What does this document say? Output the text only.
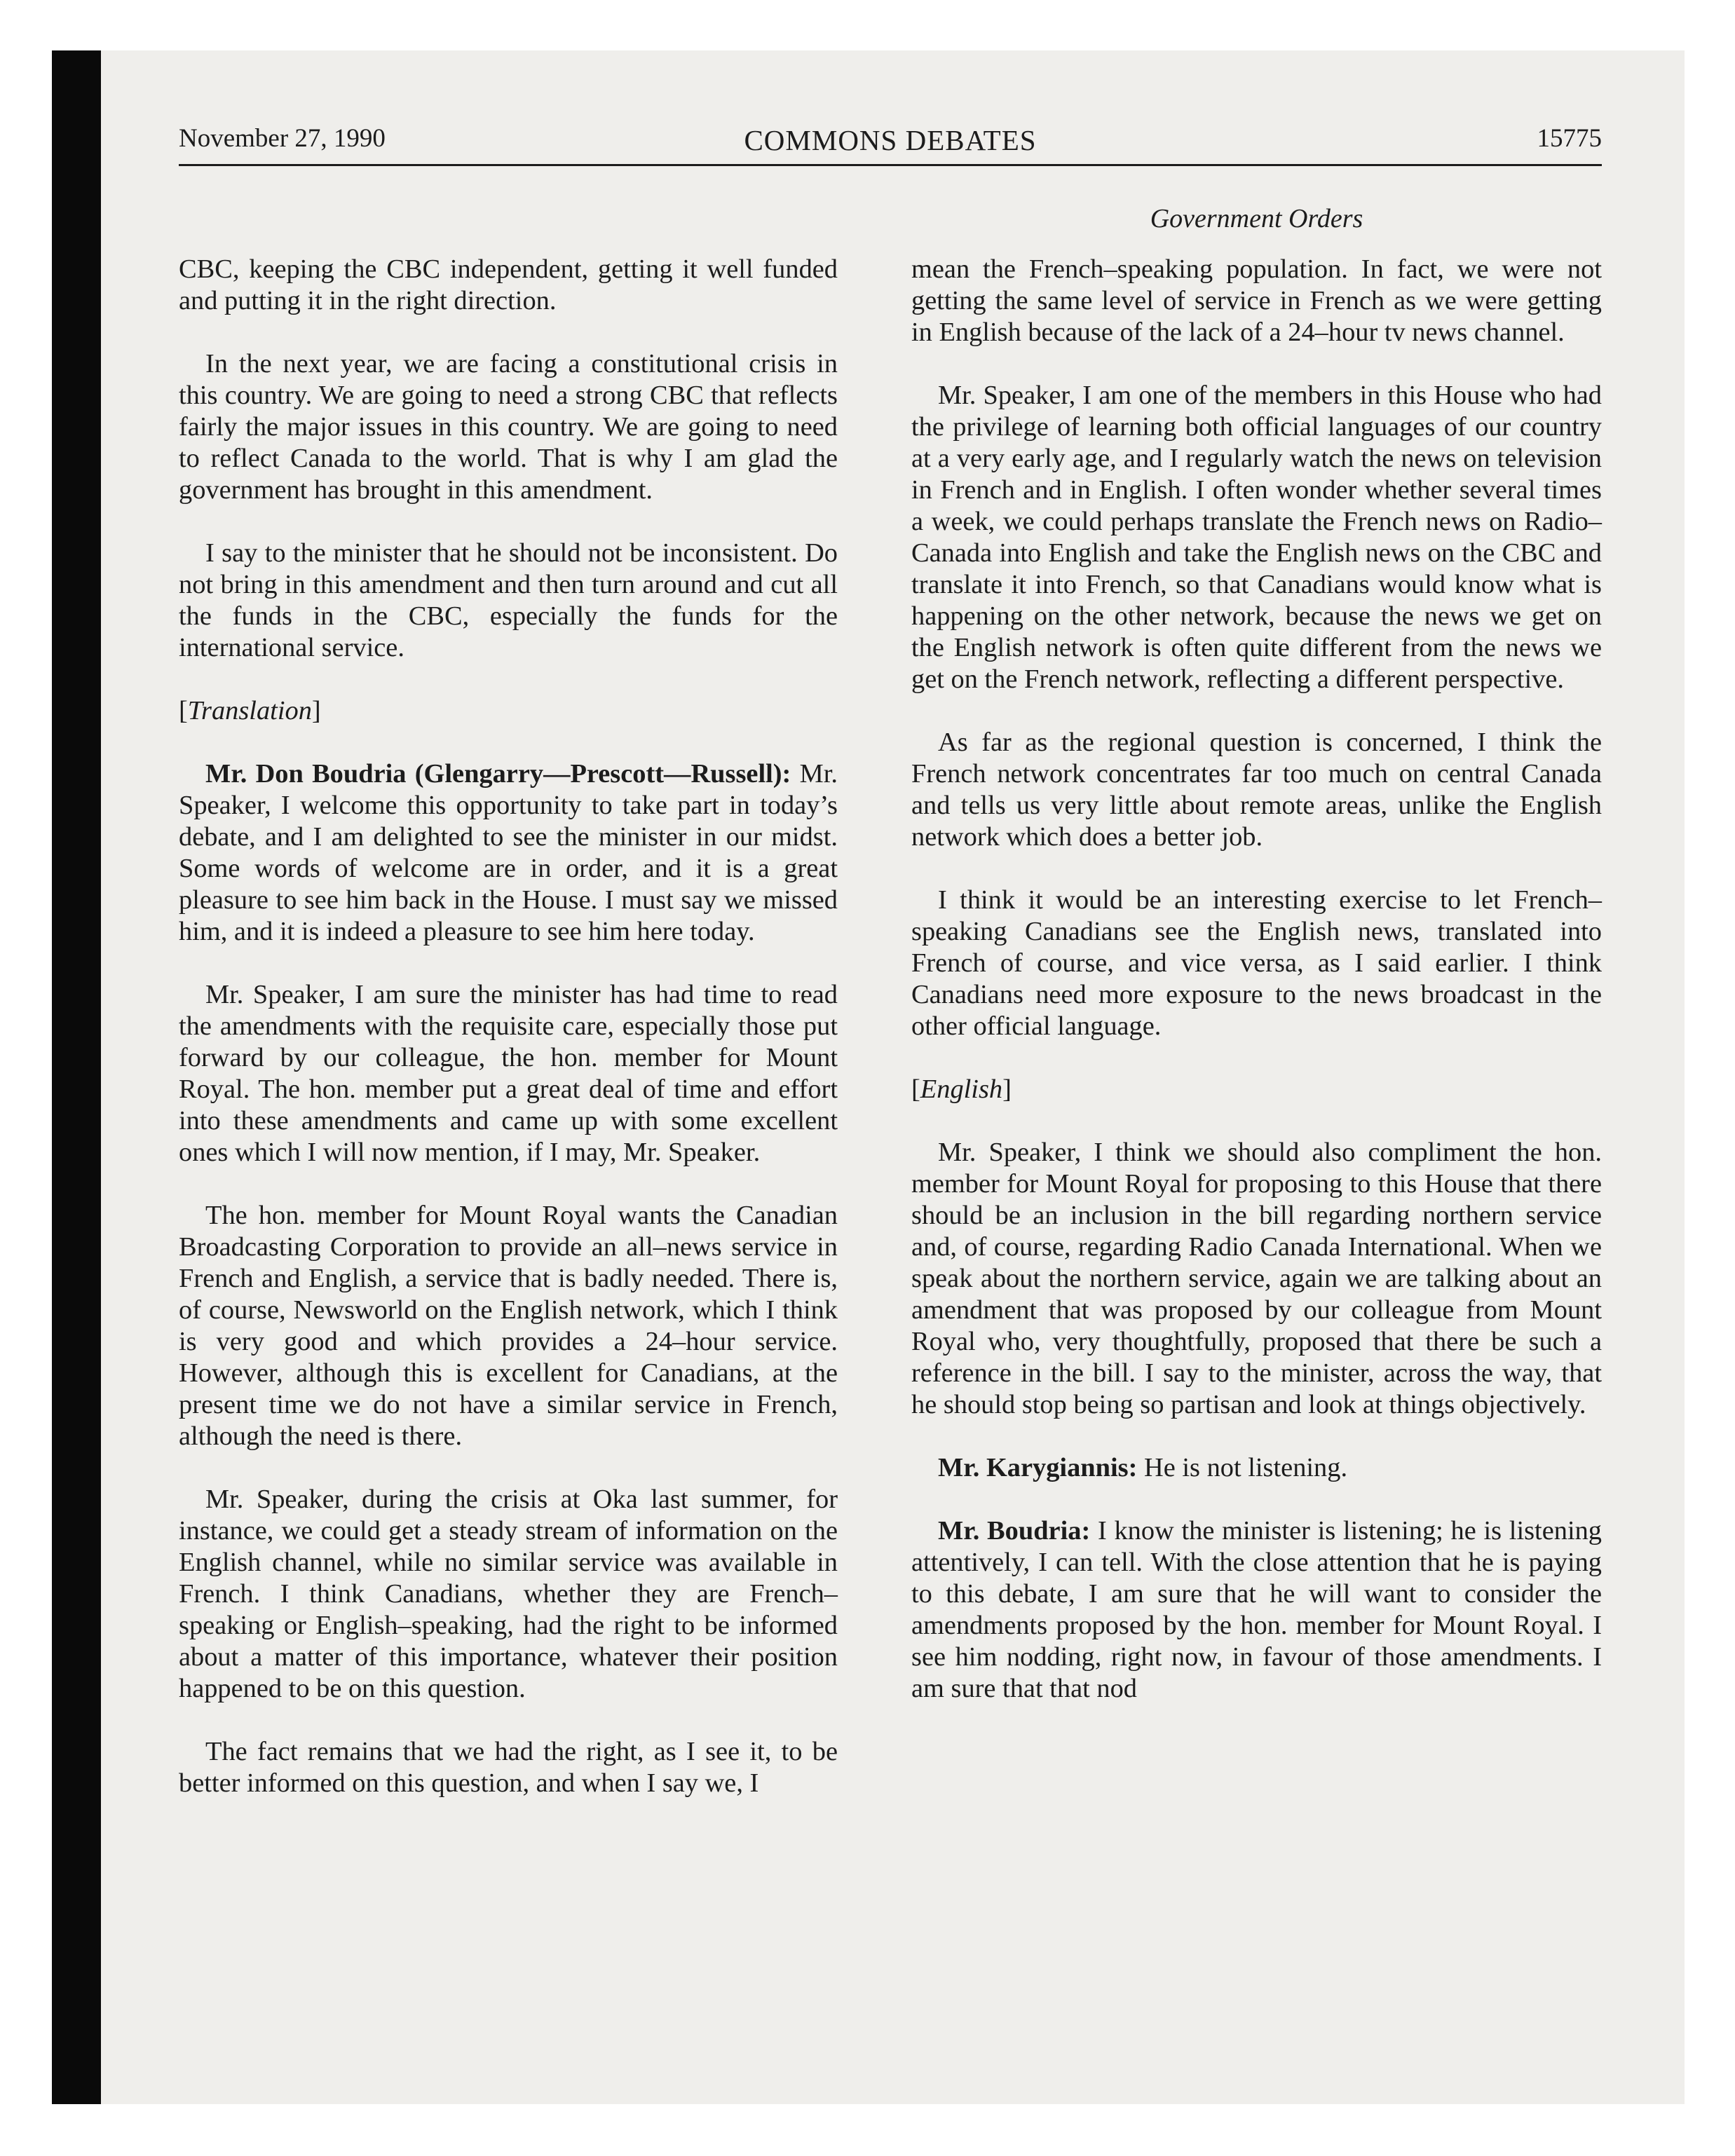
November 27, 1990	COMMONS DEBATES	15775
Government Orders

CBC, keeping the CBC independent, getting it well funded and putting it in the right direction.

In the next year, we are facing a constitutional crisis in this country. We are going to need a strong CBC that reflects fairly the major issues in this country. We are going to need to reflect Canada to the world. That is why I am glad the government has brought in this amendment.

I say to the minister that he should not be inconsistent. Do not bring in this amendment and then turn around and cut all the funds in the CBC, especially the funds for the international service.

[Translation]

Mr. Don Boudria (Glengarry—Prescott—Russell): Mr. Speaker, I welcome this opportunity to take part in today’s debate, and I am delighted to see the minister in our midst. Some words of welcome are in order, and it is a great pleasure to see him back in the House. I must say we missed him, and it is indeed a pleasure to see him here today.

Mr. Speaker, I am sure the minister has had time to read the amendments with the requisite care, especially those put forward by our colleague, the hon. member for Mount Royal. The hon. member put a great deal of time and effort into these amendments and came up with some excellent ones which I will now mention, if I may, Mr. Speaker.

The hon. member for Mount Royal wants the Canadian Broadcasting Corporation to provide an all–news service in French and English, a service that is badly needed. There is, of course, Newsworld on the English network, which I think is very good and which provides a 24–hour service. However, although this is excellent for Canadians, at the present time we do not have a similar service in French, although the need is there.

Mr. Speaker, during the crisis at Oka last summer, for instance, we could get a steady stream of information on the English channel, while no similar service was available in French. I think Canadians, whether they are French–speaking or English–speaking, had the right to be informed about a matter of this importance, whatever their position happened to be on this question.

The fact remains that we had the right, as I see it, to be better informed on this question, and when I say we, I

mean the French–speaking population. In fact, we were not getting the same level of service in French as we were getting in English because of the lack of a 24–hour tv news channel.

Mr. Speaker, I am one of the members in this House who had the privilege of learning both official languages of our country at a very early age, and I regularly watch the news on television in French and in English. I often wonder whether several times a week, we could perhaps translate the French news on Radio–Canada into English and take the English news on the CBC and translate it into French, so that Canadians would know what is happening on the other network, because the news we get on the English network is often quite different from the news we get on the French network, reflecting a different perspective.

As far as the regional question is concerned, I think the French network concentrates far too much on central Canada and tells us very little about remote areas, unlike the English network which does a better job.

I think it would be an interesting exercise to let French–speaking Canadians see the English news, translated into French of course, and vice versa, as I said earlier. I think Canadians need more exposure to the news broadcast in the other official language.

[English]

Mr. Speaker, I think we should also compliment the hon. member for Mount Royal for proposing to this House that there should be an inclusion in the bill regarding northern service and, of course, regarding Radio Canada International. When we speak about the northern service, again we are talking about an amendment that was proposed by our colleague from Mount Royal who, very thoughtfully, proposed that there be such a reference in the bill. I say to the minister, across the way, that he should stop being so partisan and look at things objectively.

Mr. Karygiannis: He is not listening.

Mr. Boudria: I know the minister is listening; he is listening attentively, I can tell. With the close attention that he is paying to this debate, I am sure that he will want to consider the amendments proposed by the hon. member for Mount Royal. I see him nodding, right now, in favour of those amendments. I am sure that that nod
